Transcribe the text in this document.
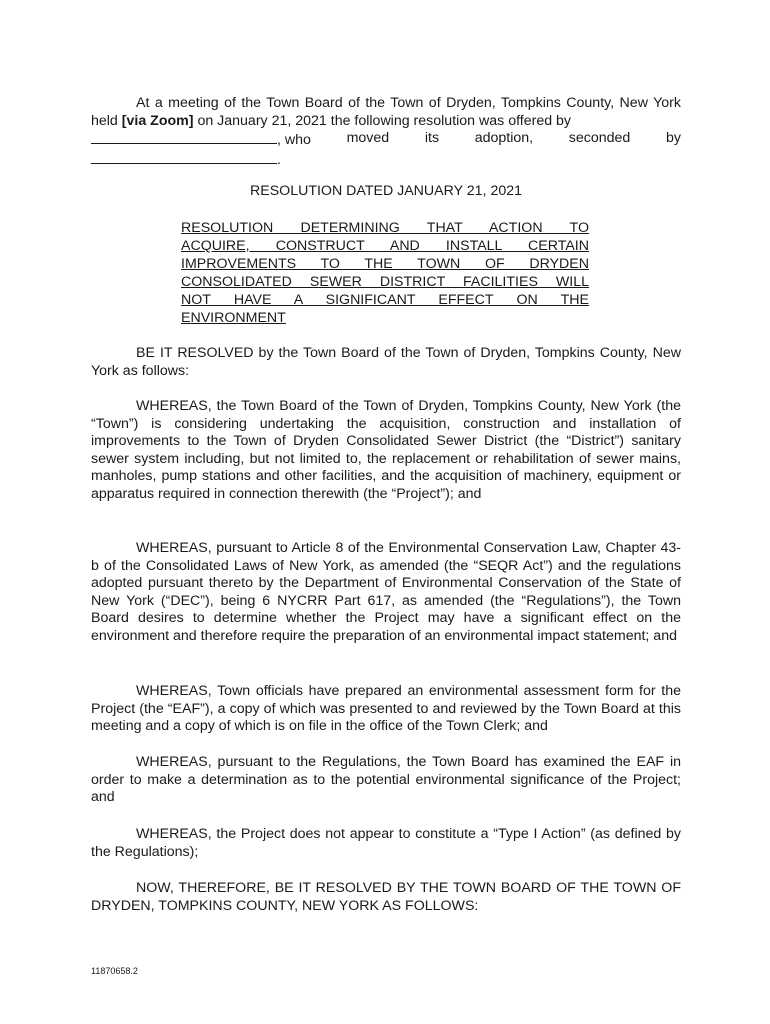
At a meeting of the Town Board of the Town of Dryden, Tompkins County, New York held [via Zoom] on January 21, 2021 the following resolution was offered by

, who	moved	its	adoption,	seconded	by
.
RESOLUTION DATED JANUARY 21, 2021
RESOLUTION DETERMINING THAT ACTION TO
ACQUIRE, CONSTRUCT AND INSTALL CERTAIN
IMPROVEMENTS TO THE TOWN OF DRYDEN
CONSOLIDATED SEWER DISTRICT FACILITIES WILL
NOT HAVE A SIGNIFICANT EFFECT ON THE
ENVIRONMENT

BE IT RESOLVED by the Town Board of the Town of Dryden, Tompkins County, New York as follows:

WHEREAS, the Town Board of the Town of Dryden, Tompkins County, New York (the “Town”) is considering undertaking the acquisition, construction and installation of improvements to the Town of Dryden Consolidated Sewer District (the “District”) sanitary sewer system including, but not limited to, the replacement or rehabilitation of sewer mains, manholes, pump stations and other facilities, and the acquisition of machinery, equipment or apparatus required in connection therewith (the “Project”); and

WHEREAS, pursuant to Article 8 of the Environmental Conservation Law, Chapter 43-b of the Consolidated Laws of New York, as amended (the “SEQR Act”) and the regulations adopted pursuant thereto by the Department of Environmental Conservation of the State of New York (“DEC”), being 6 NYCRR Part 617, as amended (the “Regulations”), the Town Board desires to determine whether the Project may have a significant effect on the environment and therefore require the preparation of an environmental impact statement; and

WHEREAS, Town officials have prepared an environmental assessment form for the Project (the “EAF”), a copy of which was presented to and reviewed by the Town Board at this meeting and a copy of which is on file in the office of the Town Clerk; and

WHEREAS, pursuant to the Regulations, the Town Board has examined the EAF in order to make a determination as to the potential environmental significance of the Project; and

WHEREAS, the Project does not appear to constitute a “Type I Action” (as defined by the Regulations);

NOW, THEREFORE, BE IT RESOLVED BY THE TOWN BOARD OF THE TOWN OF DRYDEN, TOMPKINS COUNTY, NEW YORK AS FOLLOWS:

11870658.2
